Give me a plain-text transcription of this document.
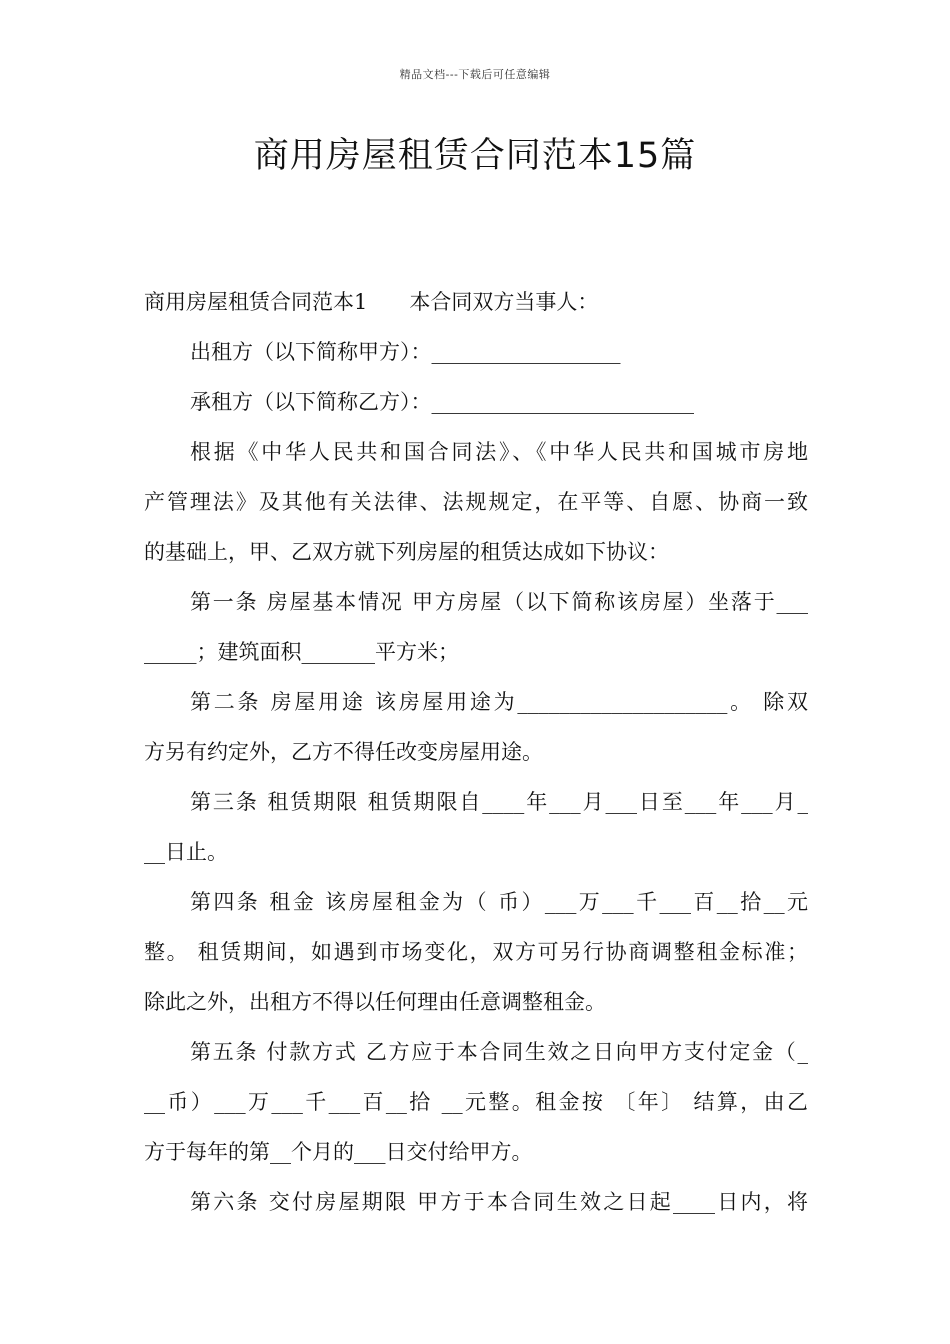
精品文档---下载后可任意编辑
商用房屋租赁合同范本15篇
商用房屋租赁合同范本1　　本合同双方当事人：
出租方（以下简称甲方）：__________________
承租方（以下简称乙方）：_________________________
根据《中华人民共和国合同法》、《中华人民共和国城市房地
产管理法》及其他有关法律、法规规定，在平等、自愿、协商一致
的基础上，甲、乙双方就下列房屋的租赁达成如下协议：
第一条 房屋基本情况 甲方房屋（以下简称该房屋）坐落于___
_____；建筑面积_______平方米；
第二条 房屋用途 该房屋用途为____________________。 除双
方另有约定外，乙方不得任改变房屋用途。
第三条 租赁期限 租赁期限自____年___月___日至___年___月_
__日止。
第四条 租金 该房屋租金为（ 币）___万___千___百__拾__元
整。 租赁期间，如遇到市场变化，双方可另行协商调整租金标准；
除此之外，出租方不得以任何理由任意调整租金。
第五条 付款方式 乙方应于本合同生效之日向甲方支付定金（_
__币）___万___千___百__拾 __元整。租金按 〔年〕 结算，由乙
方于每年的第__个月的___日交付给甲方。
第六条 交付房屋期限 甲方于本合同生效之日起____日内，将
